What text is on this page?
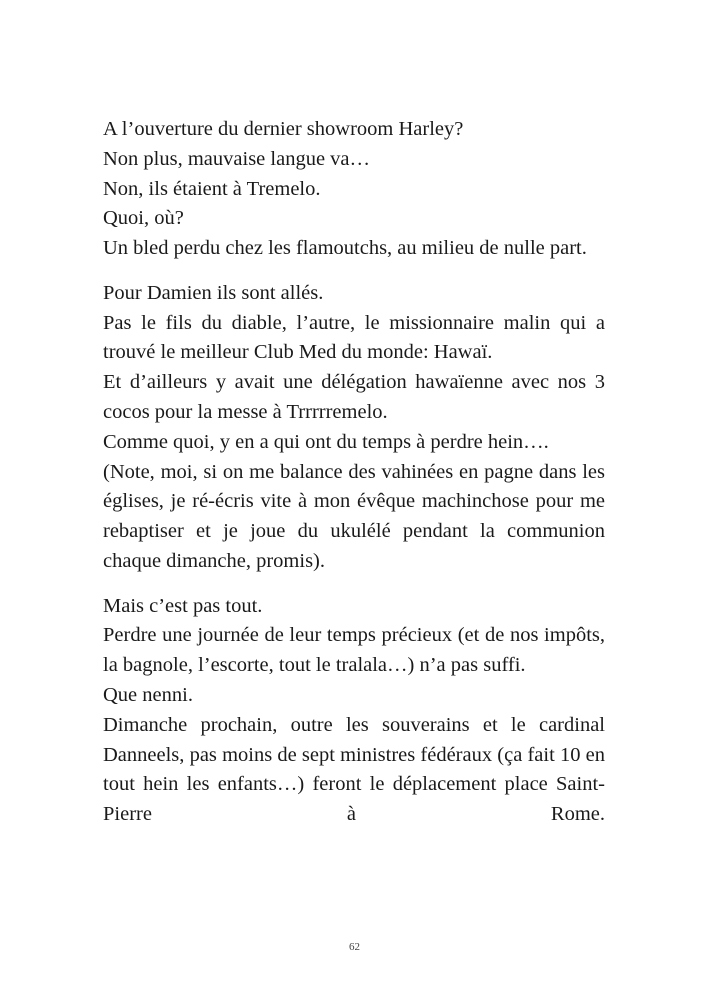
A l’ouverture du dernier showroom Harley?
Non plus, mauvaise langue va…
Non, ils étaient à Tremelo.
Quoi, où?
Un bled perdu chez les flamoutchs, au milieu de nulle part.
Pour Damien ils sont allés.
Pas le fils du diable, l’autre, le missionnaire malin qui a trouvé le meilleur Club Med du monde: Hawaï.
Et d’ailleurs y avait une délégation hawaïenne avec nos 3 cocos pour la messe à Trrrrremelo.
Comme quoi, y en a qui ont du temps à perdre hein….
(Note, moi, si on me balance des vahinées en pagne dans les églises, je ré-écris vite à mon évêque machinchose pour me rebaptiser et je joue du ukulélé pendant la communion chaque dimanche, promis).
Mais c’est pas tout.
Perdre une journée de leur temps précieux (et de nos impôts, la bagnole, l’escorte, tout le tralala…) n’a pas suffi.
Que nenni.
Dimanche prochain, outre les souverains et le cardinal Danneels, pas moins de sept ministres fédéraux (ça fait 10 en tout hein les enfants…) feront le déplacement place Saint-Pierre à Rome.
62
